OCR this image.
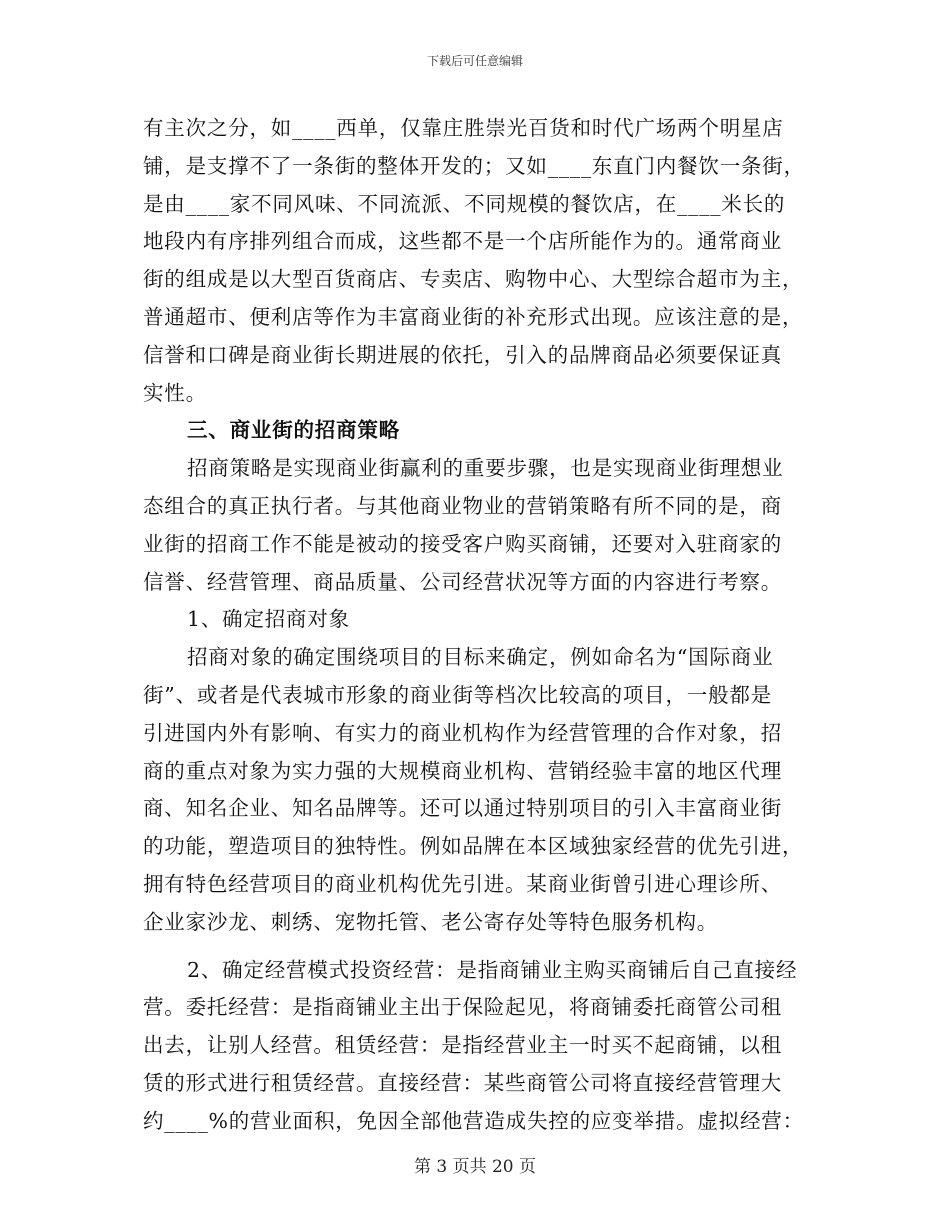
下载后可任意编辑
有主次之分，如____西单，仅靠庄胜崇光百货和时代广场两个明星店
铺，是支撑不了一条街的整体开发的；又如____东直门内餐饮一条街，
是由____家不同风味、不同流派、不同规模的餐饮店，在____米长的
地段内有序排列组合而成，这些都不是一个店所能作为的。通常商业
街的组成是以大型百货商店、专卖店、购物中心、大型综合超市为主，
普通超市、便利店等作为丰富商业街的补充形式出现。应该注意的是，
信誉和口碑是商业街长期进展的依托，引入的品牌商品必须要保证真
实性。
三、商业街的招商策略
招商策略是实现商业街赢利的重要步骤，也是实现商业街理想业
态组合的真正执行者。与其他商业物业的营销策略有所不同的是，商
业街的招商工作不能是被动的接受客户购买商铺，还要对入驻商家的
信誉、经营管理、商品质量、公司经营状况等方面的内容进行考察。
1、确定招商对象
招商对象的确定围绕项目的目标来确定，例如命名为“国际商业
街”、或者是代表城市形象的商业街等档次比较高的项目，一般都是
引进国内外有影响、有实力的商业机构作为经营管理的合作对象，招
商的重点对象为实力强的大规模商业机构、营销经验丰富的地区代理
商、知名企业、知名品牌等。还可以通过特别项目的引入丰富商业街
的功能，塑造项目的独特性。例如品牌在本区域独家经营的优先引进，
拥有特色经营项目的商业机构优先引进。某商业街曾引进心理诊所、
企业家沙龙、刺绣、宠物托管、老公寄存处等特色服务机构。
2、确定经营模式投资经营：是指商铺业主购买商铺后自己直接经
营。委托经营：是指商铺业主出于保险起见，将商铺委托商管公司租
出去，让别人经营。租赁经营：是指经营业主一时买不起商铺，以租
赁的形式进行租赁经营。直接经营：某些商管公司将直接经营管理大
约____%的营业面积，免因全部他营造成失控的应变举措。虚拟经营：
第 3 页共 20 页
